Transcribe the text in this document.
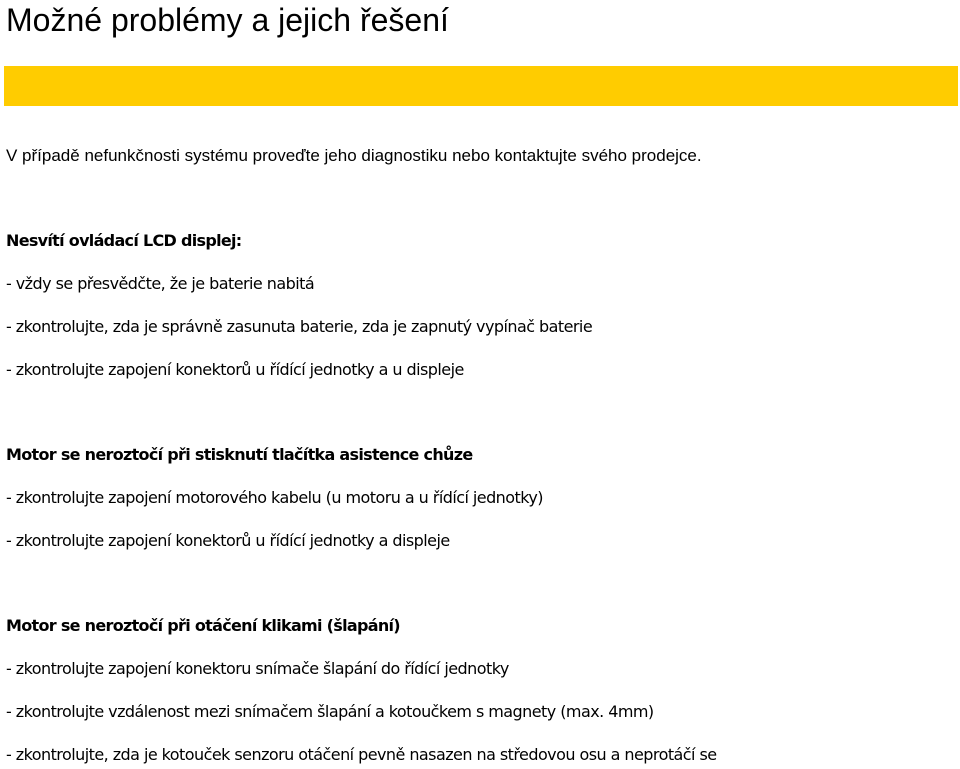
Možné problémy a jejich řešení
V případě nefunkčnosti systému proveďte jeho diagnostiku nebo kontaktujte svého prodejce.
Nesvítí ovládací LCD displej:
- vždy se přesvědčte, že je baterie nabitá
- zkontrolujte, zda je správně zasunuta baterie, zda je zapnutý vypínač baterie
- zkontrolujte zapojení konektorů u řídící jednotky a u displeje
Motor se neroztočí při stisknutí tlačítka asistence chůze
- zkontrolujte zapojení motorového kabelu (u motoru a u řídící jednotky)
- zkontrolujte zapojení konektorů u řídící jednotky a displeje
Motor se neroztočí při otáčení klikami (šlapání)
- zkontrolujte zapojení konektoru snímače šlapání do řídící jednotky
- zkontrolujte vzdálenost mezi snímačem šlapání a kotoučkem s magnety (max. 4mm)
- zkontrolujte, zda je kotouček senzoru otáčení pevně nasazen na středovou osu a neprotáčí se
